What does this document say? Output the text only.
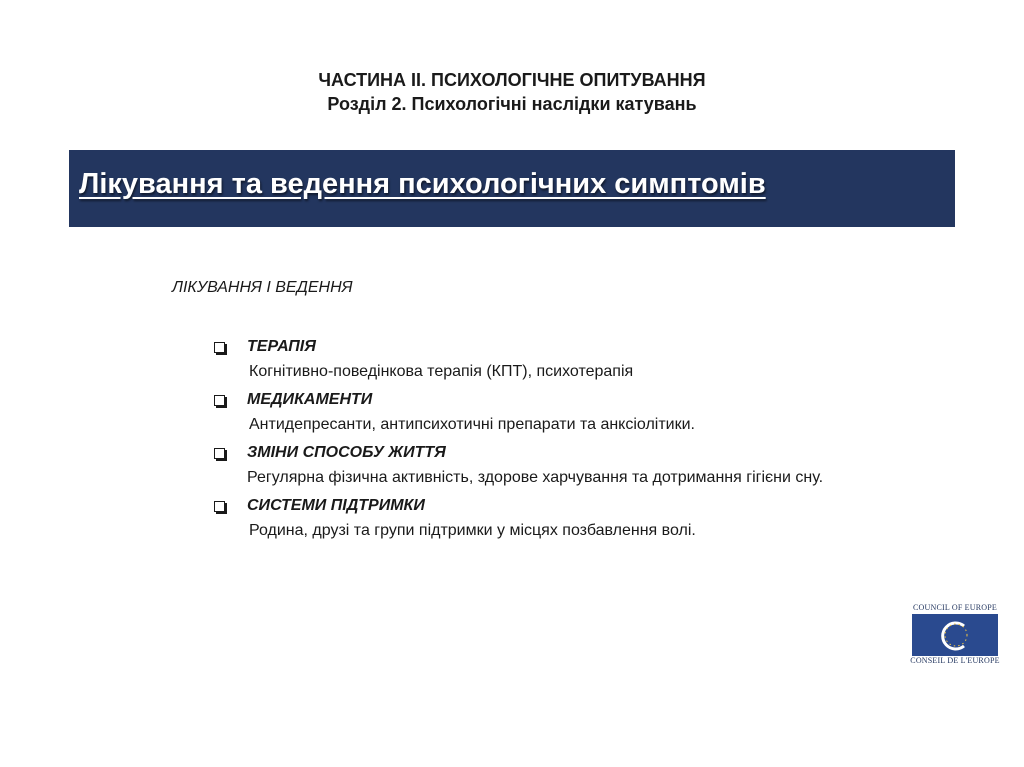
ЧАСТИНА ІІ. ПСИХОЛОГІЧНЕ ОПИТУВАННЯ
Розділ 2. Психологічні наслідки катувань
Лікування та ведення психологічних симптомів
ЛІКУВАННЯ І ВЕДЕННЯ
ТЕРАПІЯ
Когнітивно-поведінкова терапія (КПТ), психотерапія
МЕДИКАМЕНТИ
Антидепресанти, антипсихотичні препарати та анксіолітики.
ЗМІНИ СПОСОБУ ЖИТТЯ
Регулярна фізична активність, здорове харчування та дотримання гігієни сну.
СИСТЕМИ ПІДТРИМКИ
Родина, друзі та групи підтримки у місцях позбавлення волі.
COUNCIL OF EUROPE
CONSEIL DE L'EUROPE
